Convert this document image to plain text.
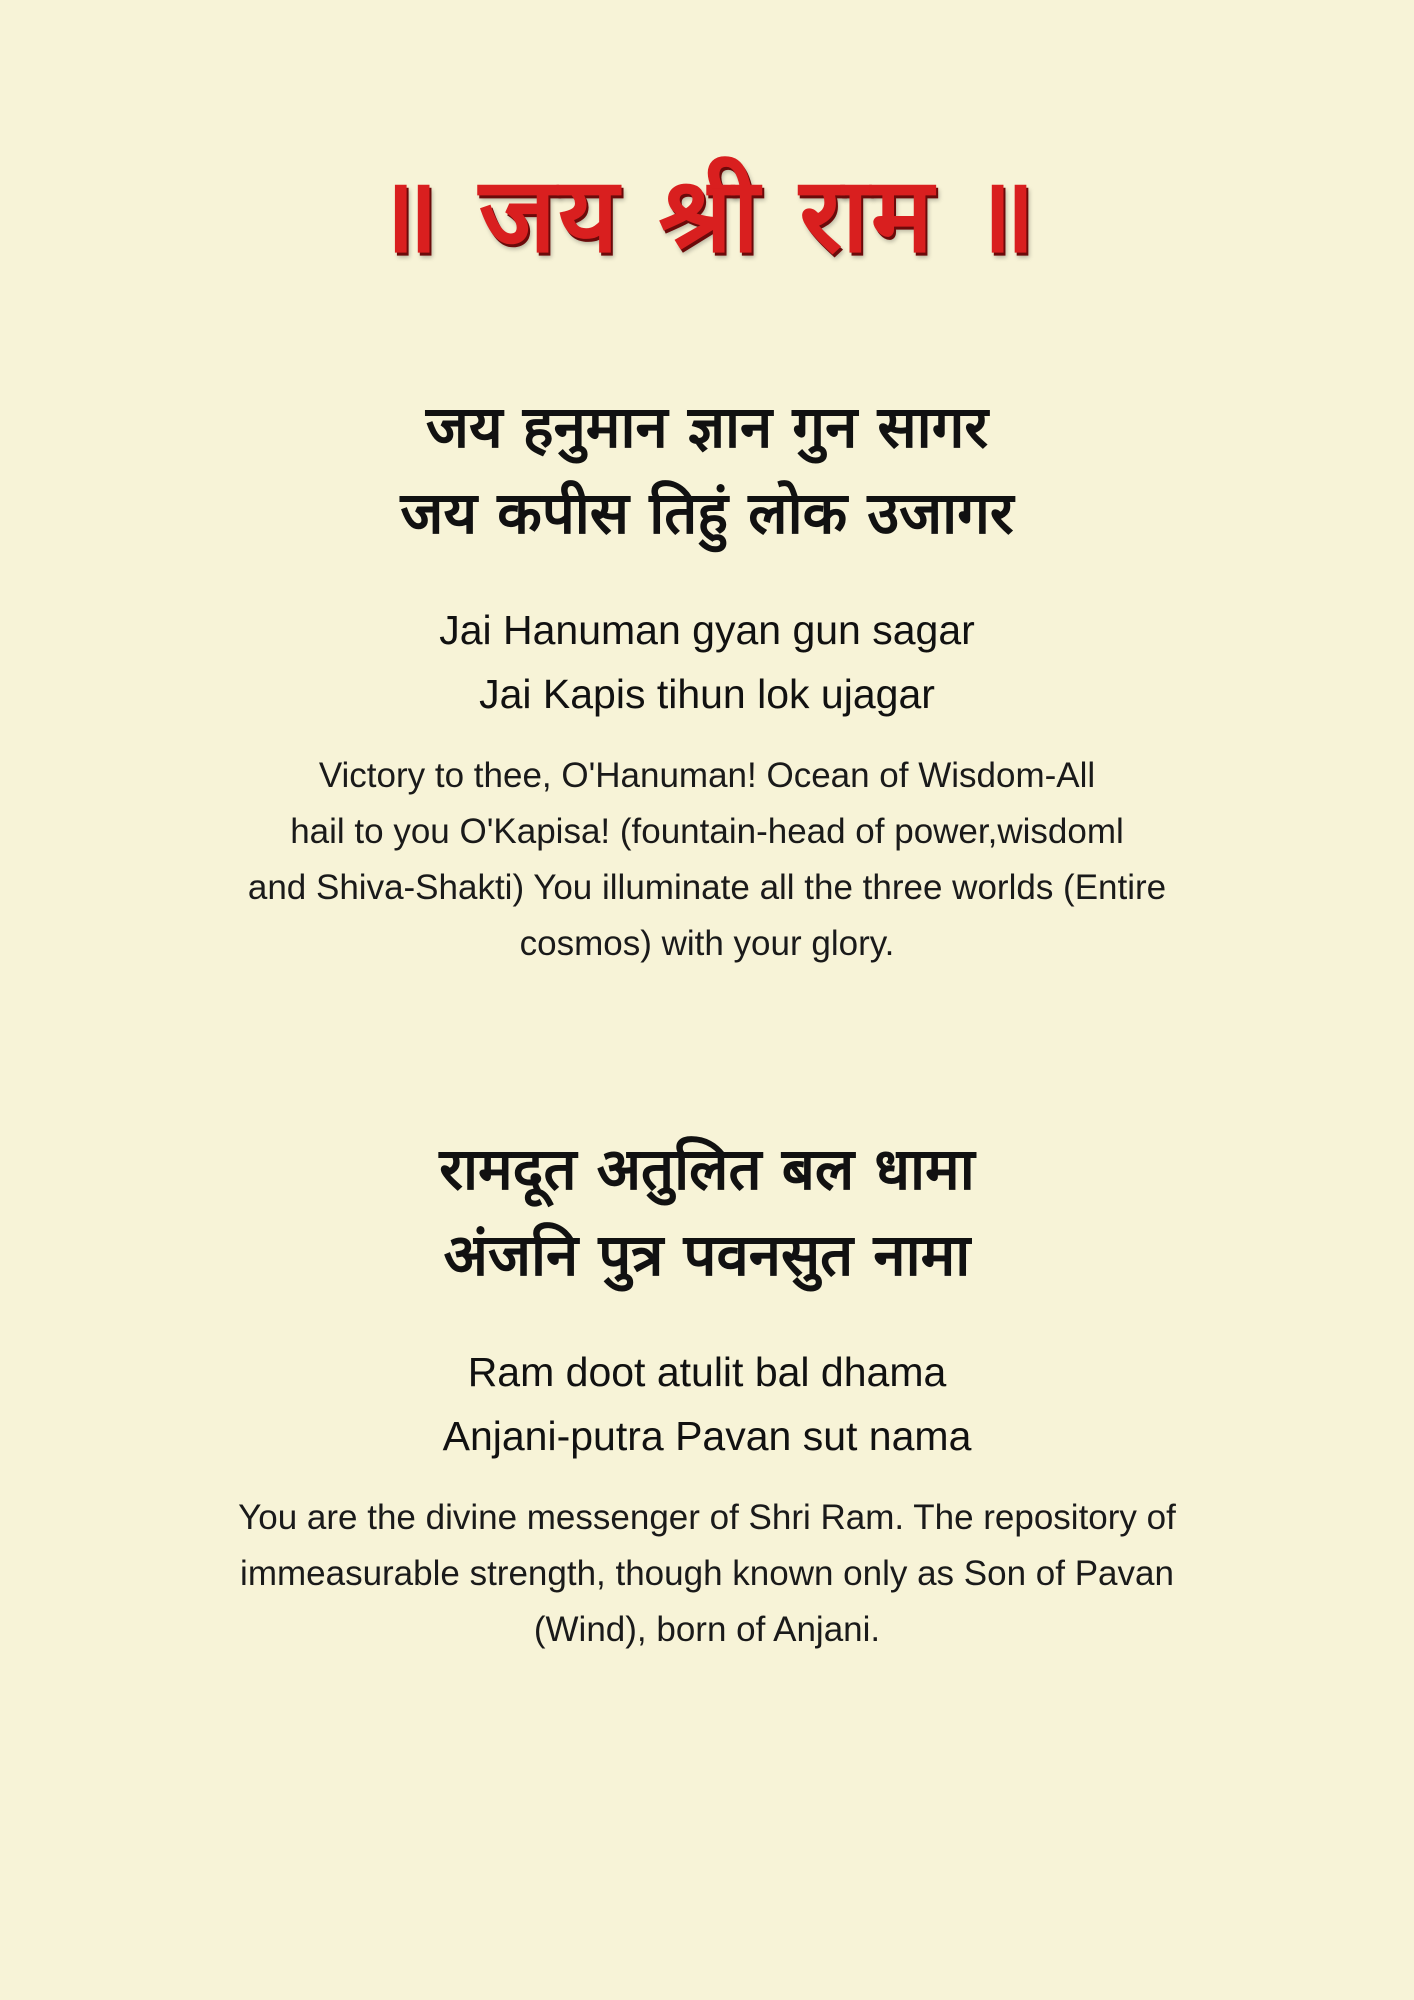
॥ जय श्री राम ॥
जय हनुमान ज्ञान गुन सागर
जय कपीस तिहुं लोक उजागर
Jai Hanuman gyan gun sagar
Jai Kapis tihun lok ujagar
Victory to thee, O'Hanuman! Ocean of Wisdom-All
hail to you O'Kapisa! (fountain-head of power,wisdoml
and Shiva-Shakti) You illuminate all the three worlds (Entire
cosmos) with your glory.
रामदूत अतुलित बल धामा
अंजनि पुत्र पवनसुत नामा
Ram doot atulit bal dhama
Anjani-putra Pavan sut nama
You are the divine messenger of Shri Ram. The repository of
immeasurable strength, though known only as Son of Pavan
(Wind), born of Anjani.
